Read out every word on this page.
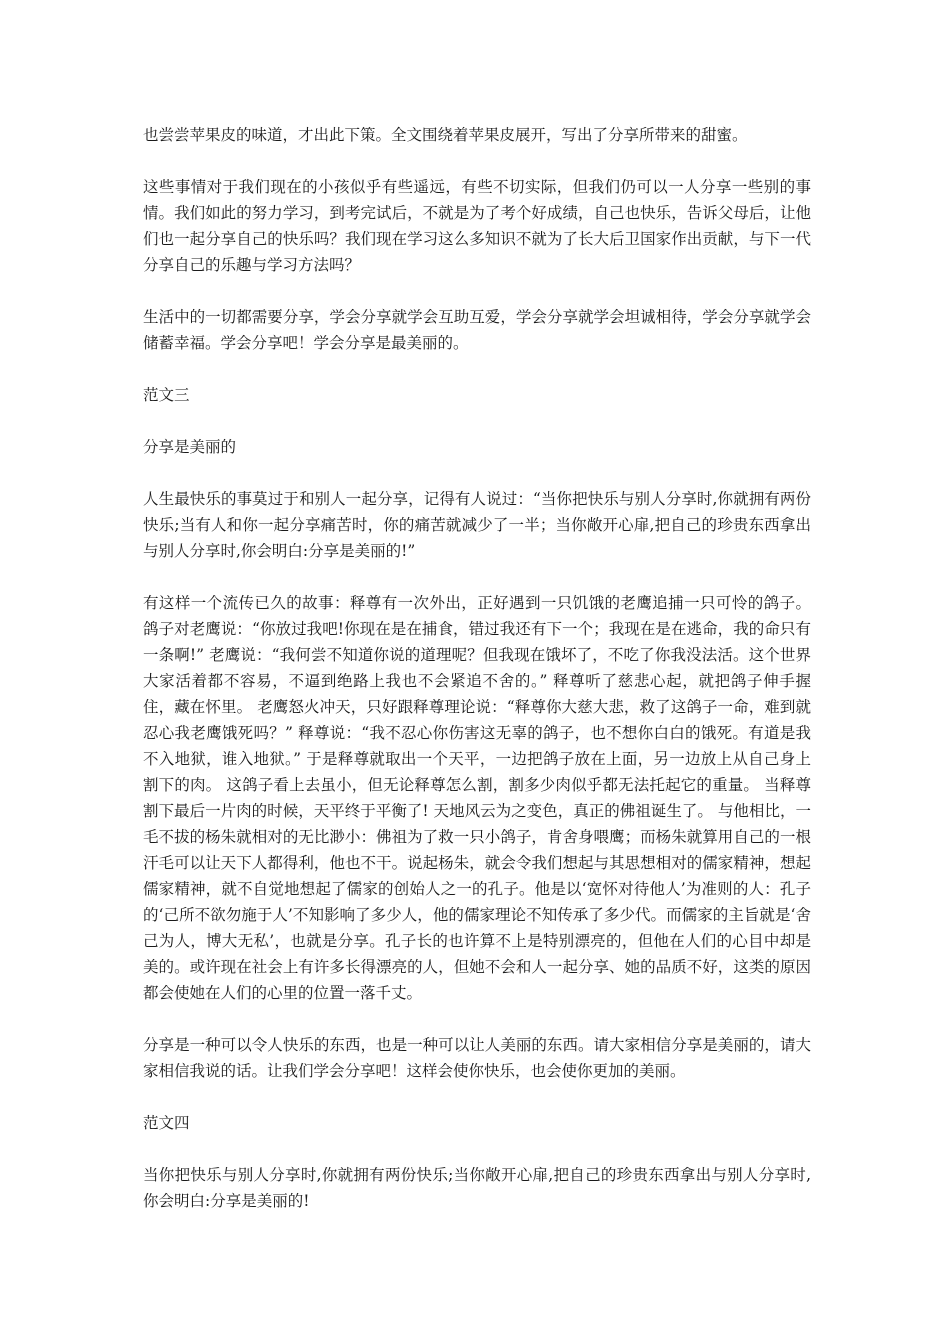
也尝尝苹果皮的味道，才出此下策。全文围绕着苹果皮展开，写出了分享所带来的甜蜜。

这些事情对于我们现在的小孩似乎有些遥远，有些不切实际，但我们仍可以一人分享一些别的事情。我们如此的努力学习，到考完试后，不就是为了考个好成绩，自己也快乐，告诉父母后，让他们也一起分享自己的快乐吗？我们现在学习这么多知识不就为了长大后卫国家作出贡献，与下一代分享自己的乐趣与学习方法吗？

生活中的一切都需要分享，学会分享就学会互助互爱，学会分享就学会坦诚相待，学会分享就学会储蓄幸福。学会分享吧！学会分享是最美丽的。

范文三

分享是美丽的

人生最快乐的事莫过于和别人一起分享，记得有人说过：“当你把快乐与别人分享时,你就拥有两份快乐;当有人和你一起分享痛苦时，你的痛苦就减少了一半；当你敞开心扉,把自己的珍贵东西拿出与别人分享时,你会明白:分享是美丽的!”

有这样一个流传已久的故事：释尊有一次外出，正好遇到一只饥饿的老鹰追捕一只可怜的鸽子。 鸽子对老鹰说：“你放过我吧!你现在是在捕食，错过我还有下一个；我现在是在逃命，我的命只有一条啊!” 老鹰说：“我何尝不知道你说的道理呢？但我现在饿坏了，不吃了你我没法活。这个世界大家活着都不容易，不逼到绝路上我也不会紧追不舍的。” 释尊听了慈悲心起，就把鸽子伸手握住，藏在怀里。 老鹰怒火冲天，只好跟释尊理论说：“释尊你大慈大悲，救了这鸽子一命，难到就忍心我老鹰饿死吗？” 释尊说：“我不忍心你伤害这无辜的鸽子，也不想你白白的饿死。有道是我不入地狱，谁入地狱。” 于是释尊就取出一个天平，一边把鸽子放在上面，另一边放上从自己身上割下的肉。 这鸽子看上去虽小，但无论释尊怎么割，割多少肉似乎都无法托起它的重量。 当释尊割下最后一片肉的时候，天平终于平衡了! 天地风云为之变色，真正的佛祖诞生了。 与他相比，一毛不拔的杨朱就相对的无比渺小：佛祖为了救一只小鸽子，肯舍身喂鹰；而杨朱就算用自己的一根汗毛可以让天下人都得利，他也不干。说起杨朱，就会令我们想起与其思想相对的儒家精神，想起儒家精神，就不自觉地想起了儒家的创始人之一的孔子。他是以‘宽怀对待他人’为准则的人：孔子的‘己所不欲勿施于人’不知影响了多少人，他的儒家理论不知传承了多少代。而儒家的主旨就是‘舍己为人，博大无私’，也就是分享。孔子长的也许算不上是特别漂亮的，但他在人们的心目中却是美的。或许现在社会上有许多长得漂亮的人，但她不会和人一起分享、她的品质不好，这类的原因都会使她在人们的心里的位置一落千丈。

分享是一种可以令人快乐的东西，也是一种可以让人美丽的东西。请大家相信分享是美丽的，请大家相信我说的话。让我们学会分享吧！这样会使你快乐，也会使你更加的美丽。

范文四

当你把快乐与别人分享时,你就拥有两份快乐;当你敞开心扉,把自己的珍贵东西拿出与别人分享时,你会明白:分享是美丽的!
